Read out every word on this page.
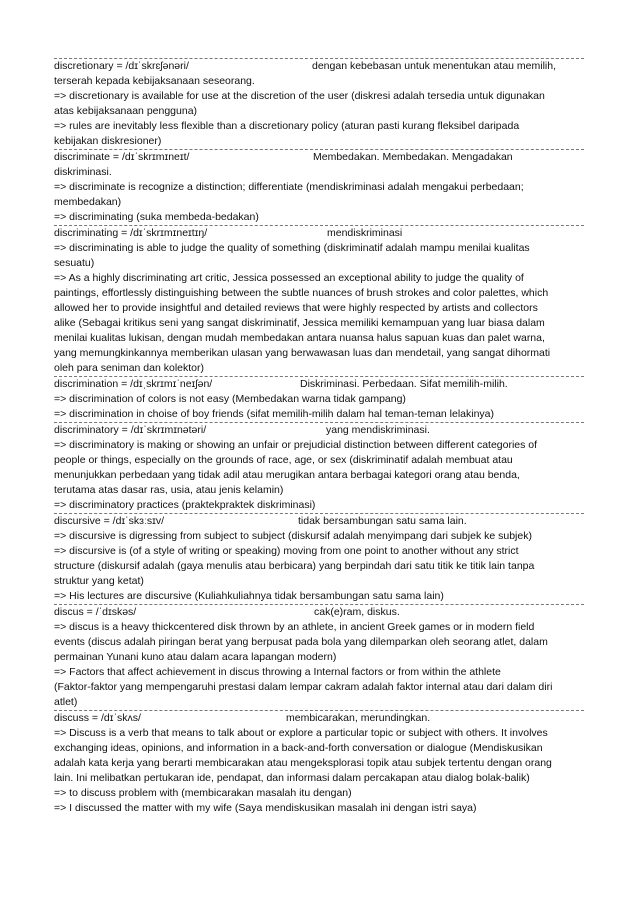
discretionary = /dɪˈskrɛʃənəri/	dengan kebebasan untuk menentukan atau memilih,
terserah kepada kebijaksanaan seseorang.
=> discretionary is available for use at the discretion of the user (diskresi adalah tersedia untuk digunakan
atas kebijaksanaan pengguna)
=> rules are inevitably less flexible than a discretionary policy (aturan pasti kurang fleksibel daripada
kebijakan diskresioner)
discriminate = /dɪˈskrɪmɪneɪt/	Membedakan. Membedakan. Mengadakan
diskriminasi.
=> discriminate is recognize a distinction; differentiate (mendiskriminasi adalah mengakui perbedaan;
membedakan)
=> discriminating (suka membeda-bedakan)
discriminating = /dɪˈskrɪmɪneɪtɪŋ/	mendiskriminasi
=> discriminating is able to judge the quality of something (diskriminatif adalah mampu menilai kualitas
sesuatu)
=> As a highly discriminating art critic, Jessica possessed an exceptional ability to judge the quality of
paintings, effortlessly distinguishing between the subtle nuances of brush strokes and color palettes, which
allowed her to provide insightful and detailed reviews that were highly respected by artists and collectors
alike (Sebagai kritikus seni yang sangat diskriminatif, Jessica memiliki kemampuan yang luar biasa dalam
menilai kualitas lukisan, dengan mudah membedakan antara nuansa halus sapuan kuas dan palet warna,
yang memungkinkannya memberikan ulasan yang berwawasan luas dan mendetail, yang sangat dihormati
oleh para seniman dan kolektor)
discrimination = /dɪˌskrɪmɪˈneɪʃən/	Diskriminasi. Perbedaan. Sifat memilih-milih.
=> discrimination of colors is not easy (Membedakan warna tidak gampang)
=> discrimination in choise of boy friends (sifat memilih-milih dalam hal teman-teman lelakinya)
discriminatory = /dɪˈskrɪmɪnətəri/	yang mendiskriminasi.
=> discriminatory is making or showing an unfair or prejudicial distinction between different categories of
people or things, especially on the grounds of race, age, or sex (diskriminatif adalah membuat atau
menunjukkan perbedaan yang tidak adil atau merugikan antara berbagai kategori orang atau benda,
terutama atas dasar ras, usia, atau jenis kelamin)
=> discriminatory practices (praktekpraktek diskriminasi)
discursive = /dɪˈskɜːsɪv/	tidak bersambungan satu sama lain.
=> discursive is digressing from subject to subject (diskursif adalah menyimpang dari subjek ke subjek)
=> discursive is (of a style of writing or speaking) moving from one point to another without any strict
structure (diskursif adalah (gaya menulis atau berbicara) yang berpindah dari satu titik ke titik lain tanpa
struktur yang ketat)
=> His lectures are discursive (Kuliahkuliahnya tidak bersambungan satu sama lain)
discus = /ˈdɪskəs/	cak(e)ram, diskus.
=> discus is a heavy thickcentered disk thrown by an athlete, in ancient Greek games or in modern field
events (discus adalah piringan berat yang berpusat pada bola yang dilemparkan oleh seorang atlet, dalam
permainan Yunani kuno atau dalam acara lapangan modern)
=> Factors that affect achievement in discus throwing a Internal factors or from within the athlete
(Faktor-faktor yang mempengaruhi prestasi dalam lempar cakram adalah faktor internal atau dari dalam diri
atlet)
discuss = /dɪˈskʌs/	membicarakan, merundingkan.
=> Discuss is a verb that means to talk about or explore a particular topic or subject with others. It involves
exchanging ideas, opinions, and information in a back-and-forth conversation or dialogue (Mendiskusikan
adalah kata kerja yang berarti membicarakan atau mengeksplorasi topik atau subjek tertentu dengan orang
lain. Ini melibatkan pertukaran ide, pendapat, dan informasi dalam percakapan atau dialog bolak-balik)
=> to discuss problem with (membicarakan masalah itu dengan)
=> I discussed the matter with my wife (Saya mendiskusikan masalah ini dengan istri saya)
